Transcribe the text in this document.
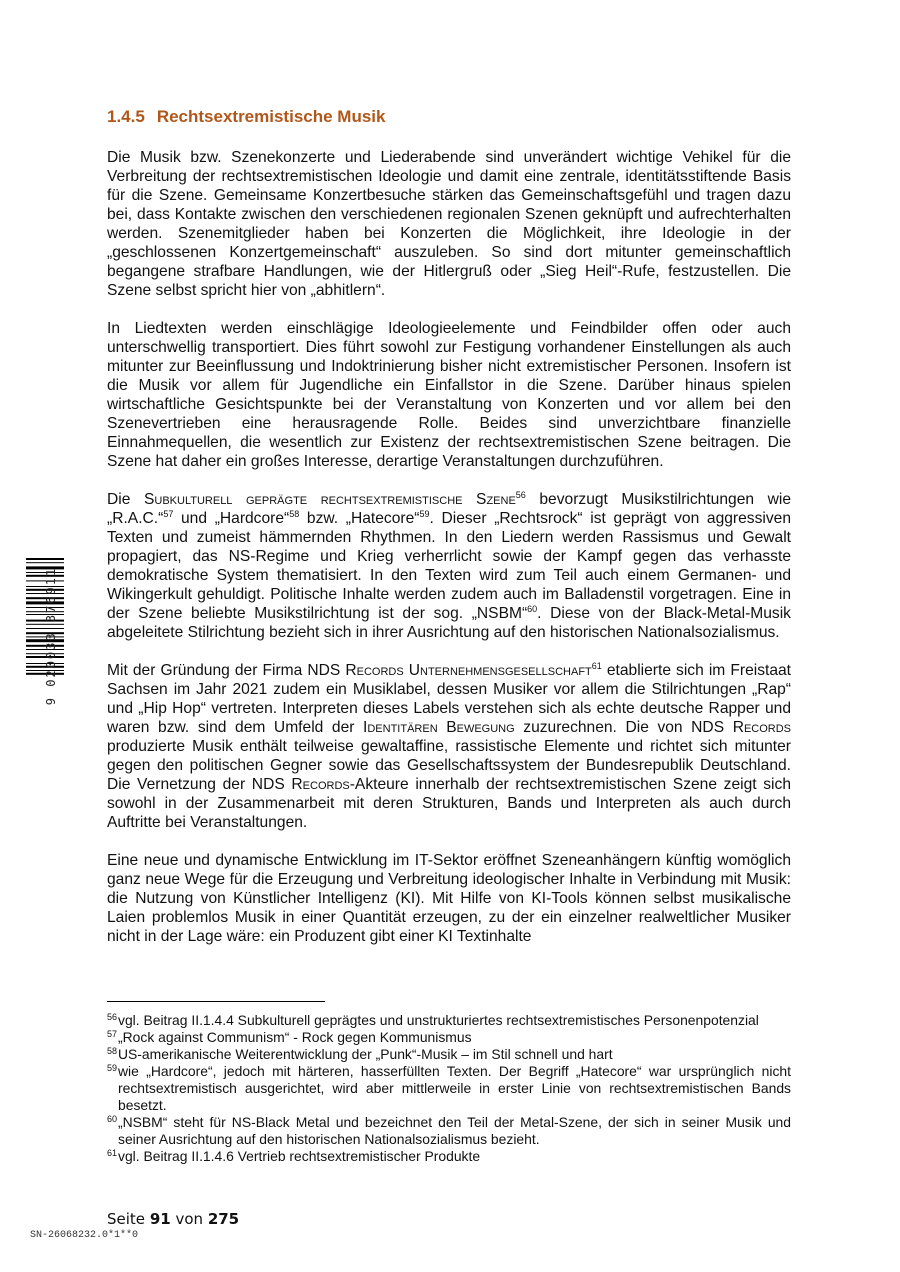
1.4.5 Rechtsextremistische Musik

Die Musik bzw. Szenekonzerte und Liederabende sind unverändert wichtige Vehikel für die Verbreitung der rechtsextremistischen Ideologie und damit eine zentrale, identitätsstiftende Basis für die Szene. Gemeinsame Konzertbesuche stärken das Gemeinschaftsgefühl und tragen dazu bei, dass Kontakte zwischen den verschiedenen regionalen Szenen geknüpft und aufrechterhalten werden. Szenemitglieder haben bei Konzerten die Möglichkeit, ihre Ideologie in der „geschlossenen Konzertgemeinschaft“ auszuleben. So sind dort mitunter gemeinschaftlich begangene strafbare Handlungen, wie der Hitlergruß oder „Sieg Heil“-Rufe, festzustellen. Die Szene selbst spricht hier von „abhitlern“.

In Liedtexten werden einschlägige Ideologieelemente und Feindbilder offen oder auch unterschwellig transportiert. Dies führt sowohl zur Festigung vorhandener Einstellungen als auch mitunter zur Beeinflussung und Indoktrinierung bisher nicht extremistischer Personen. Insofern ist die Musik vor allem für Jugendliche ein Einfallstor in die Szene. Darüber hinaus spielen wirtschaftliche Gesichtspunkte bei der Veranstaltung von Konzerten und vor allem bei den Szenevertrieben eine herausragende Rolle. Beides sind unverzichtbare finanzielle Einnahmequellen, die wesentlich zur Existenz der rechtsextremistischen Szene beitragen. Die Szene hat daher ein großes Interesse, derartige Veranstaltungen durchzuführen.

Die Subkulturell geprägte rechtsextremistische Szene$^{56}$ bevorzugt Musikstilrichtungen wie „R.A.C.“$^{57}$ und „Hardcore“$^{58}$ bzw. „Hatecore“$^{59}$. Dieser „Rechtsrock“ ist geprägt von aggressiven Texten und zumeist hämmernden Rhythmen. In den Liedern werden Rassismus und Gewalt propagiert, das NS-Regime und Krieg verherrlicht sowie der Kampf gegen das verhasste demokratische System thematisiert. In den Texten wird zum Teil auch einem Germanen- und Wikingerkult gehuldigt. Politische Inhalte werden zudem auch im Balladenstil vorgetragen. Eine in der Szene beliebte Musikstilrichtung ist der sog. „NSBM“$^{60}$. Diese von der Black-Metal-Musik abgeleitete Stilrichtung bezieht sich in ihrer Ausrichtung auf den historischen Nationalsozialismus.

Mit der Gründung der Firma NDS Records Unternehmensgesellschaft$^{61}$ etablierte sich im Freistaat Sachsen im Jahr 2021 zudem ein Musiklabel, dessen Musiker vor allem die Stilrichtungen „Rap“ und „Hip Hop“ vertreten. Interpreten dieses Labels verstehen sich als echte deutsche Rapper und waren bzw. sind dem Umfeld der Identitären Bewegung zuzurechnen. Die von NDS Records produzierte Musik enthält teilweise gewaltaffine, rassistische Elemente und richtet sich mitunter gegen den politischen Gegner sowie das Gesellschaftssystem der Bundesrepublik Deutschland. Die Vernetzung der NDS Records-Akteure innerhalb der rechtsextremistischen Szene zeigt sich sowohl in der Zusammenarbeit mit deren Strukturen, Bands und Interpreten als auch durch Auftritte bei Veranstaltungen.

Eine neue und dynamische Entwicklung im IT-Sektor eröffnet Szeneanhängern künftig womöglich ganz neue Wege für die Erzeugung und Verbreitung ideologischer Inhalte in Verbindung mit Musik: die Nutzung von Künstlicher Intelligenz (KI). Mit Hilfe von KI-Tools können selbst musikalische Laien problemlos Musik in einer Quantität erzeugen, zu der ein einzelner realweltlicher Musiker nicht in der Lage wäre: ein Produzent gibt einer KI Textinhalte

56 vgl. Beitrag II.1.4.4 Subkulturell geprägtes und unstrukturiertes rechtsextremistisches Personenpotenzial
57 „Rock against Communism“ - Rock gegen Kommunismus
58 US-amerikanische Weiterentwicklung der „Punk“-Musik – im Stil schnell und hart
59 wie „Hardcore“, jedoch mit härteren, hasserfüllten Texten. Der Begriff „Hatecore“ war ursprünglich nicht rechtsextremistisch ausgerichtet, wird aber mittlerweile in erster Linie von rechtsextremistischen Bands besetzt.
60 „NSBM“ steht für NS-Black Metal und bezeichnet den Teil der Metal-Szene, der sich in seiner Musik und seiner Ausrichtung auf den historischen Nationalsozialismus bezieht.
61 vgl. Beitrag II.1.4.6 Vertrieb rechtsextremistischer Produkte
Seite 91 von 275
SN-26068232.0*1**0
9 020033 376911
